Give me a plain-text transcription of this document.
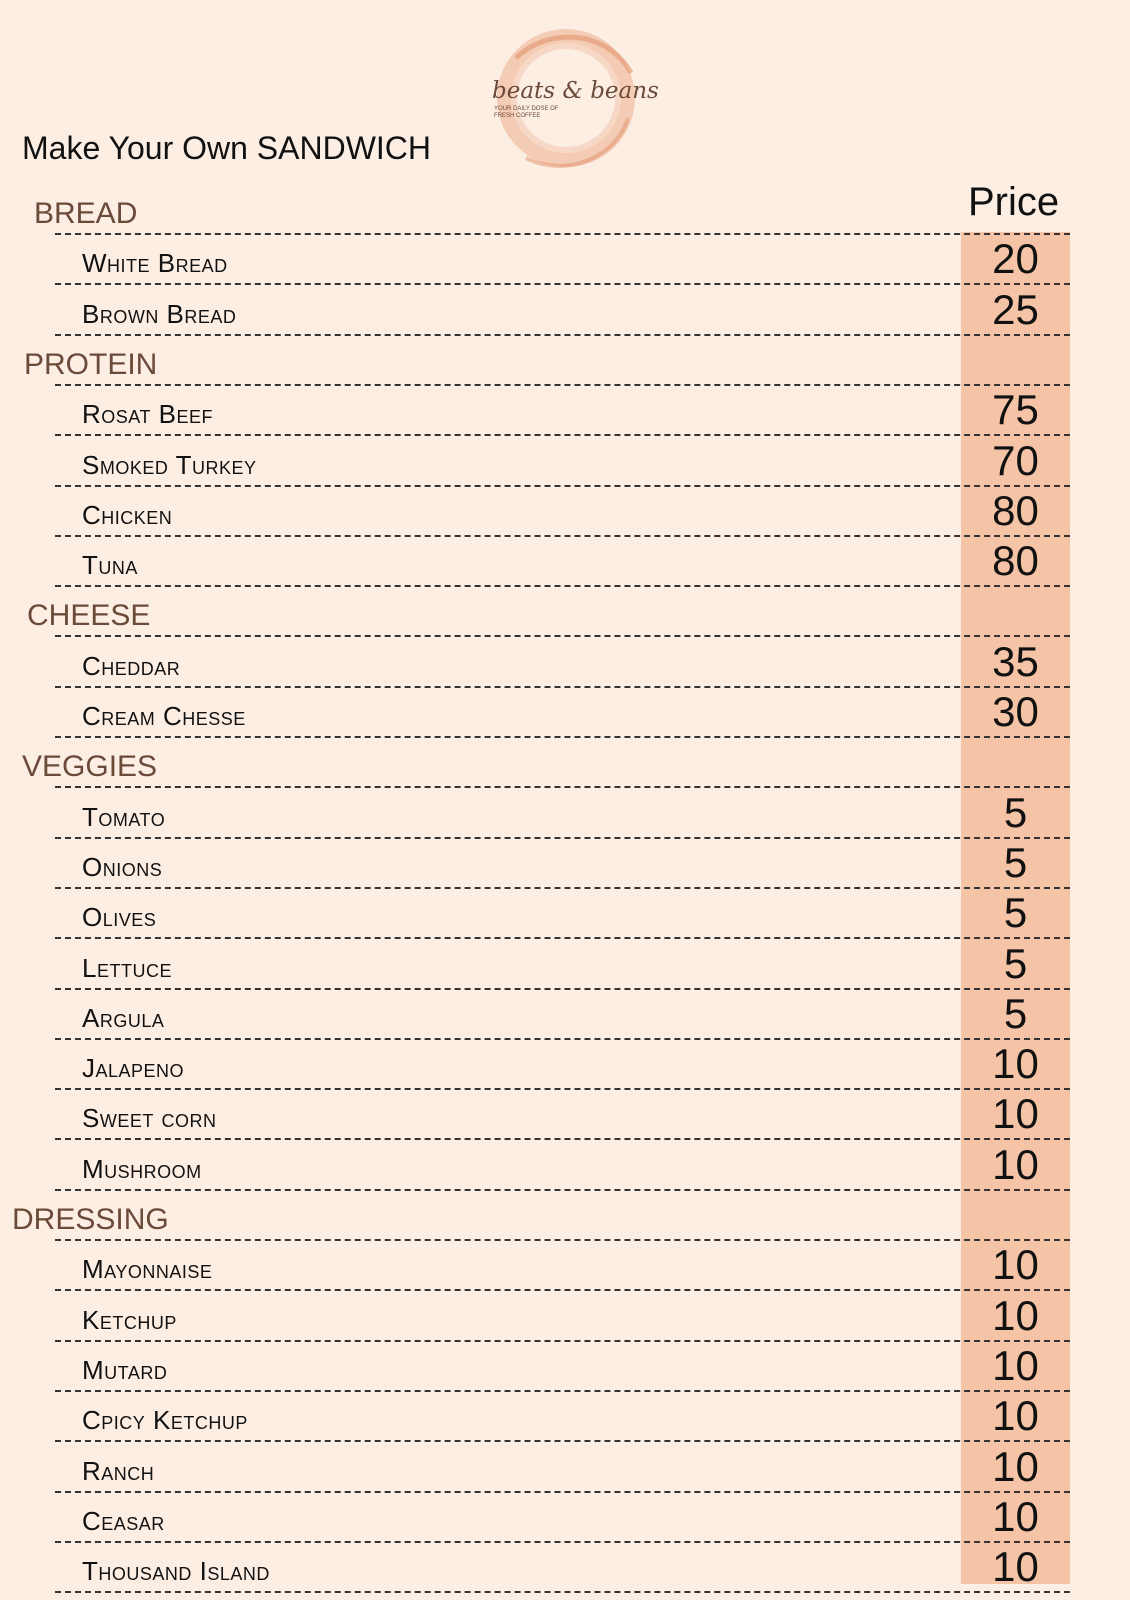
beats & beans
YOUR DAILY DOSE OF FRESH COFFEE
Make Your Own SANDWICH
Price
BREAD
White Bread	20
Brown Bread	25
PROTEIN
Rosat Beef	75
Smoked Turkey	70
Chicken	80
Tuna	80
CHEESE
Cheddar	35
Cream Chesse	30
VEGGIES
Tomato	5
Onions	5
Olives	5
Lettuce	5
Argula	5
Jalapeno	10
Sweet corn	10
Mushroom	10
DRESSING
Mayonnaise	10
Ketchup	10
Mutard	10
Cpicy Ketchup	10
Ranch	10
Ceasar	10
Thousand Island	10
